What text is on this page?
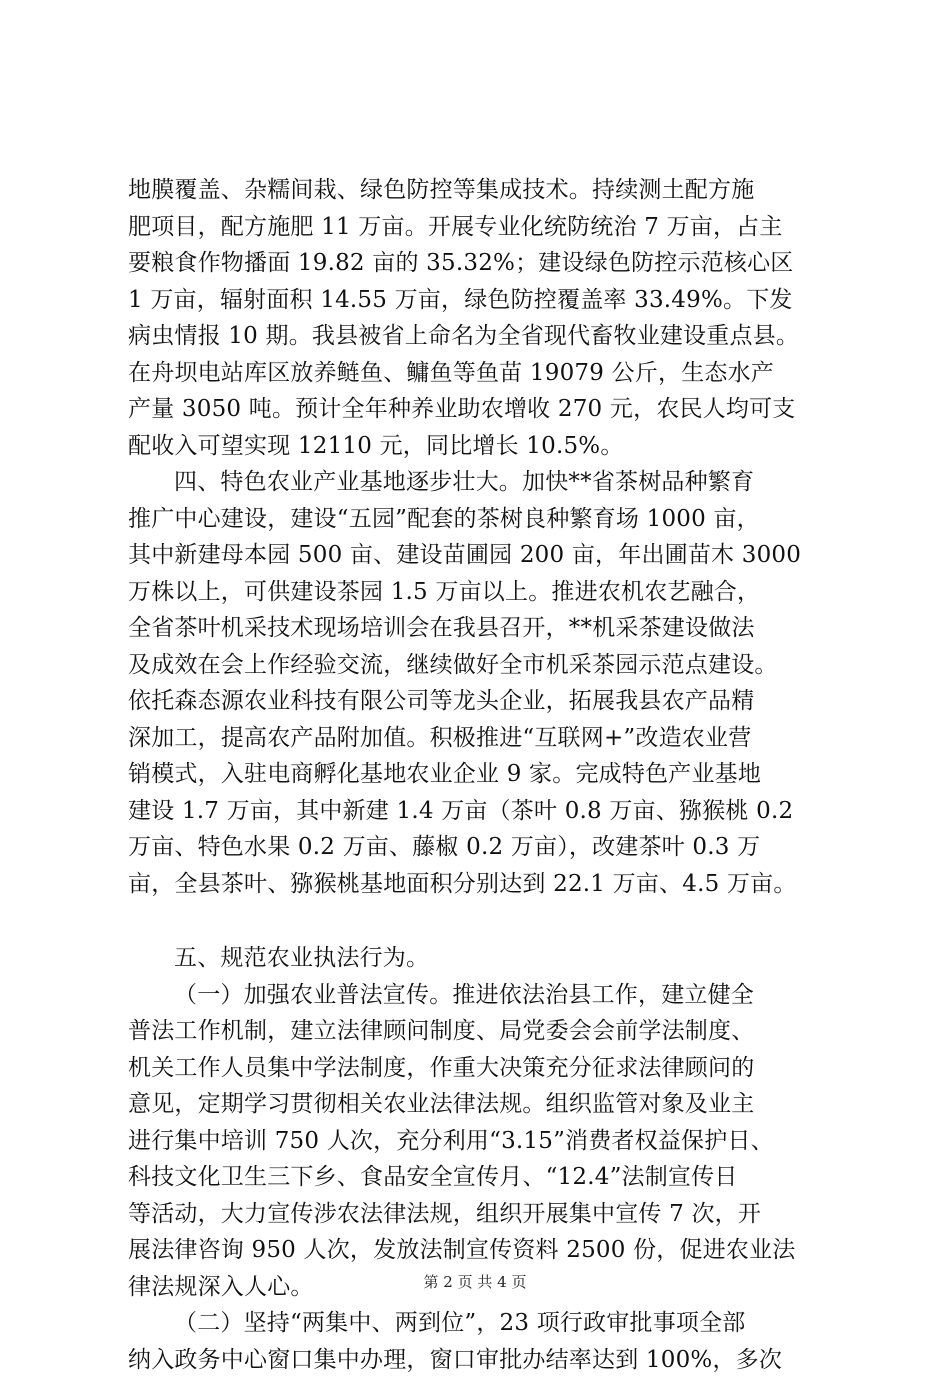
地膜覆盖、杂糯间栽、绿色防控等集成技术。持续测土配方施
肥项目，配方施肥 11 万亩。开展专业化统防统治 7 万亩，占主
要粮食作物播面 19.82 亩的 35.32%；建设绿色防控示范核心区
1 万亩，辐射面积 14.55 万亩，绿色防控覆盖率 33.49%。下发
病虫情报 10 期。我县被省上命名为全省现代畜牧业建设重点县。
在舟坝电站库区放养鲢鱼、鳙鱼等鱼苗 19079 公斤，生态水产
产量 3050 吨。预计全年种养业助农增收 270 元，农民人均可支
配收入可望实现 12110 元，同比增长 10.5%。
四、特色农业产业基地逐步壮大。加快**省茶树品种繁育
推广中心建设，建设“五园”配套的茶树良种繁育场 1000 亩，
其中新建母本园 500 亩、建设苗圃园 200 亩，年出圃苗木 3000
万株以上，可供建设茶园 1.5 万亩以上。推进农机农艺融合，
全省茶叶机采技术现场培训会在我县召开，**机采茶建设做法
及成效在会上作经验交流，继续做好全市机采茶园示范点建设。
依托森态源农业科技有限公司等龙头企业，拓展我县农产品精
深加工，提高农产品附加值。积极推进“互联网+”改造农业营
销模式，入驻电商孵化基地农业企业 9 家。完成特色产业基地
建设 1.7 万亩，其中新建 1.4 万亩（茶叶 0.8 万亩、猕猴桃 0.2
万亩、特色水果 0.2 万亩、藤椒 0.2 万亩），改建茶叶 0.3 万
亩，全县茶叶、猕猴桃基地面积分别达到 22.1 万亩、4.5 万亩。
五、规范农业执法行为。
（一）加强农业普法宣传。推进依法治县工作，建立健全
普法工作机制，建立法律顾问制度、局党委会会前学法制度、
机关工作人员集中学法制度，作重大决策充分征求法律顾问的
意见，定期学习贯彻相关农业法律法规。组织监管对象及业主
进行集中培训 750 人次，充分利用“3.15”消费者权益保护日、
科技文化卫生三下乡、食品安全宣传月、“12.4”法制宣传日
等活动，大力宣传涉农法律法规，组织开展集中宣传 7 次，开
展法律咨询 950 人次，发放法制宣传资料 2500 份，促进农业法
律法规深入人心。
（二）坚持“两集中、两到位”，23 项行政审批事项全部
纳入政务中心窗口集中办理，窗口审批办结率达到 100%，多次
第 2 页 共 4 页
